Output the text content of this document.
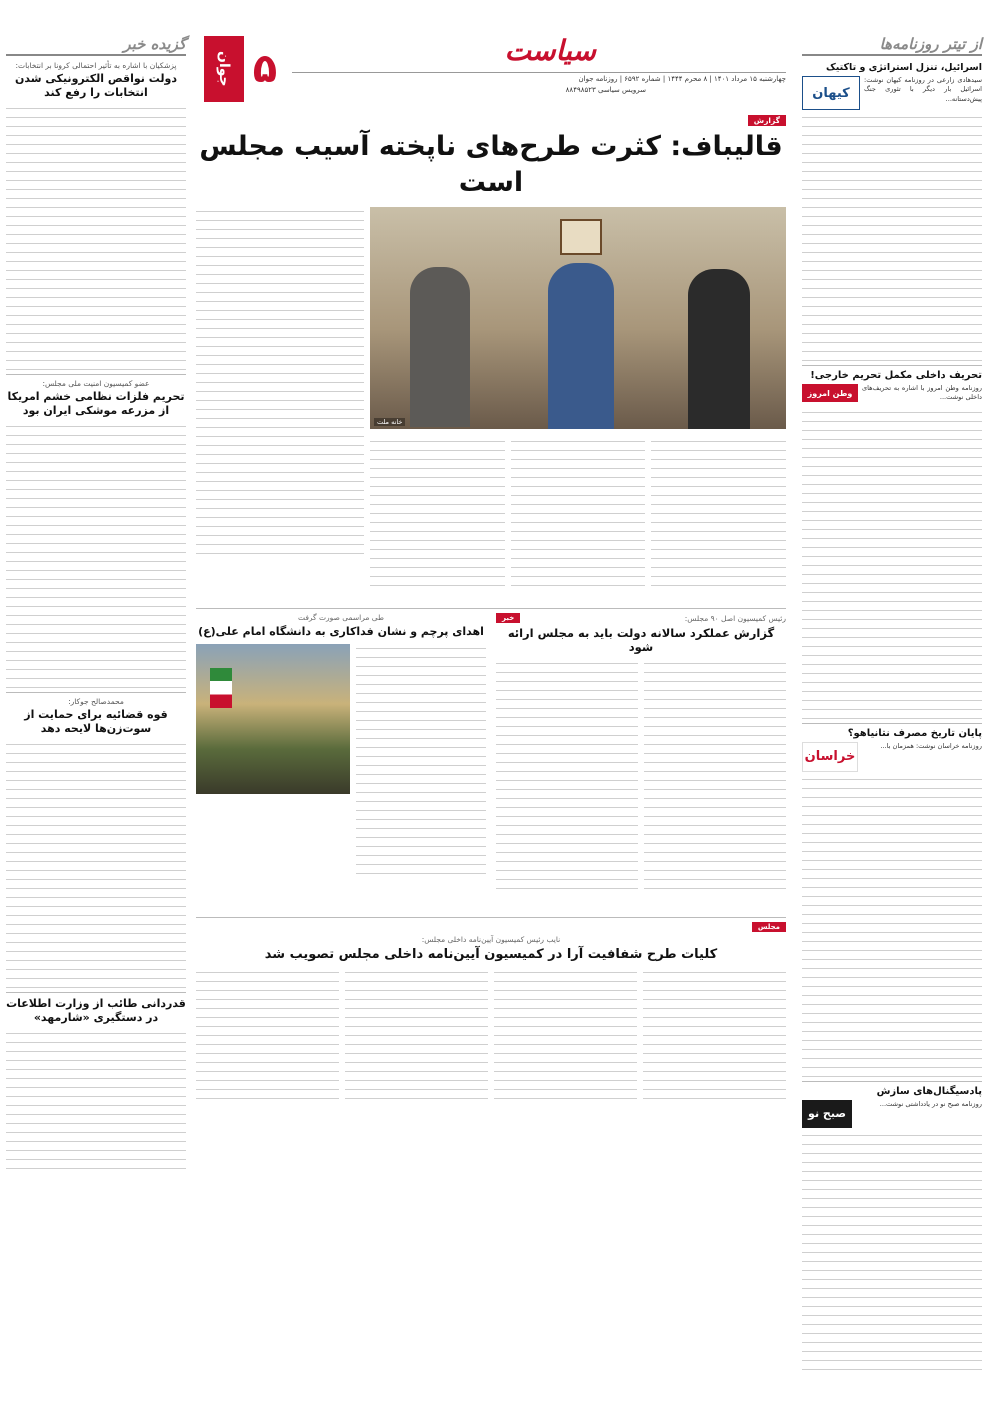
از تیتر روزنامه‌ها
اسرائیل، تنزل استراتژی و تاکتیک

سیدهادی زارعی در روزنامه کیهان نوشت: اسرائیل بار دیگر با تئوری جنگ پیش‌دستانه...

کیهان
تحریف داخلی مکمل تحریم خارجی!

روزنامه وطن امروز با اشاره به تحریف‌های داخلی نوشت...

وطن امروز
پایان تاریخ مصرف نتانیاهو؟

روزنامه خراسان نوشت: همزمان با...

خراسان
پادسیگنال‌های سازش

روزنامه صبح نو در یادداشتی نوشت...

صبح نو
گزیده خبر
پزشکیان با اشاره به تأثیر احتمالی کرونا بر انتخابات:
دولت نواقص الکترونیکی شدن انتخابات را رفع کند
عضو کمیسیون امنیت ملی مجلس:
تحریم فلزات نظامی خشم امریکا از مزرعه موشکی ایران بود
محمدصالح جوکار:
قوه قضائیه برای حمایت از سوت‌زن‌ها لایحه دهد
قدردانی طائب از وزارت اطلاعات در دستگیری «شارمهد»
۵
جوان
سیاست
چهارشنبه ۱۵ مرداد ۱۴۰۱ | ۸ محرم ۱۴۴۴ | شماره ۶۵۹۲ | روزنامه جوان
سرویس سیاسی ۸۸۴۹۸۵۲۳
گزارش
قالیباف: کثرت طرح‌های ناپخته آسیب مجلس است
خانه ملت
رئیس کمیسیون اصل ۹۰ مجلس:
خبر
گزارش عملکرد سالانه دولت باید به مجلس ارائه شود
طی مراسمی صورت گرفت
اهدای پرچم و نشان فداکاری به دانشگاه امام علی(ع)
مجلس
نایب رئیس کمیسیون آیین‌نامه داخلی مجلس:
کلیات طرح شفافیت آرا در کمیسیون آیین‌نامه داخلی مجلس تصویب شد
